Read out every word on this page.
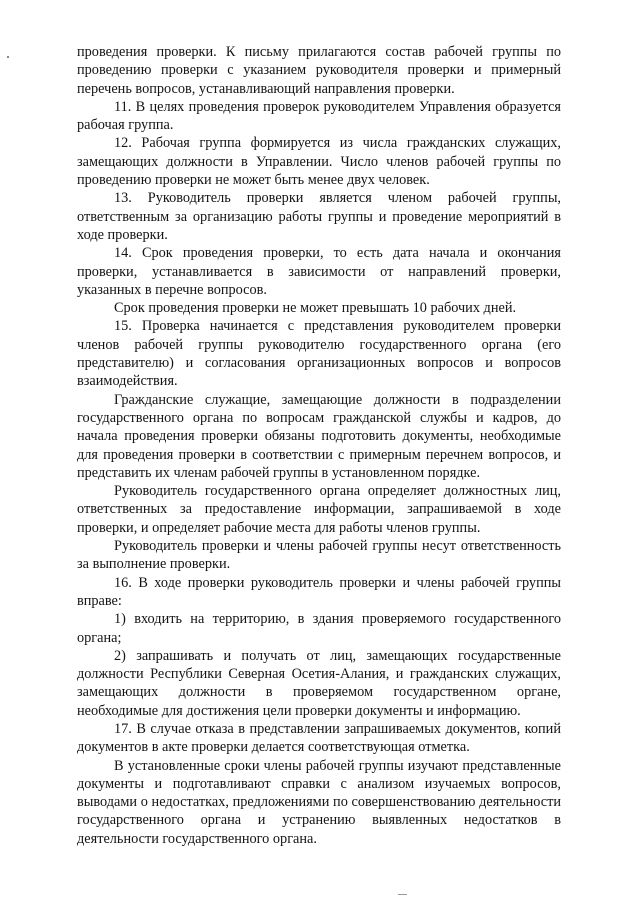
проведения проверки. К письму прилагаются состав рабочей группы по проведению проверки с указанием руководителя проверки и примерный перечень вопросов, устанавливающий направления проверки.

11. В целях проведения проверок руководителем Управления образуется рабочая группа.

12. Рабочая группа формируется из числа гражданских служащих, замещающих должности в Управлении. Число членов рабочей группы по проведению проверки не может быть менее двух человек.

13. Руководитель проверки является членом рабочей группы, ответственным за организацию работы группы и проведение мероприятий в ходе проверки.

14. Срок проведения проверки, то есть дата начала и окончания проверки, устанавливается в зависимости от направлений проверки, указанных в перечне вопросов.

Срок проведения проверки не может превышать 10 рабочих дней.

15. Проверка начинается с представления руководителем проверки членов рабочей группы руководителю государственного органа (его представителю) и согласования организационных вопросов и вопросов взаимодействия.

Гражданские служащие, замещающие должности в подразделении государственного органа по вопросам гражданской службы и кадров, до начала проведения проверки обязаны подготовить документы, необходимые для проведения проверки в соответствии с примерным перечнем вопросов, и представить их членам рабочей группы в установленном порядке.

Руководитель государственного органа определяет должностных лиц, ответственных за предоставление информации, запрашиваемой в ходе проверки, и определяет рабочие места для работы членов группы.

Руководитель проверки и члены рабочей группы несут ответственность за выполнение проверки.

16. В ходе проверки руководитель проверки и члены рабочей группы вправе:

1) входить на территорию, в здания проверяемого государственного органа;

2) запрашивать и получать от лиц, замещающих государственные должности Республики Северная Осетия-Алания, и гражданских служащих, замещающих должности в проверяемом государственном органе, необходимые для достижения цели проверки документы и информацию.

17. В случае отказа в представлении запрашиваемых документов, копий документов в акте проверки делается соответствующая отметка.

В установленные сроки члены рабочей группы изучают представленные документы и подготавливают справки с анализом изучаемых вопросов, выводами о недостатках, предложениями по совершенствованию деятельности государственного органа и устранению выявленных недостатков в деятельности государственного органа.
